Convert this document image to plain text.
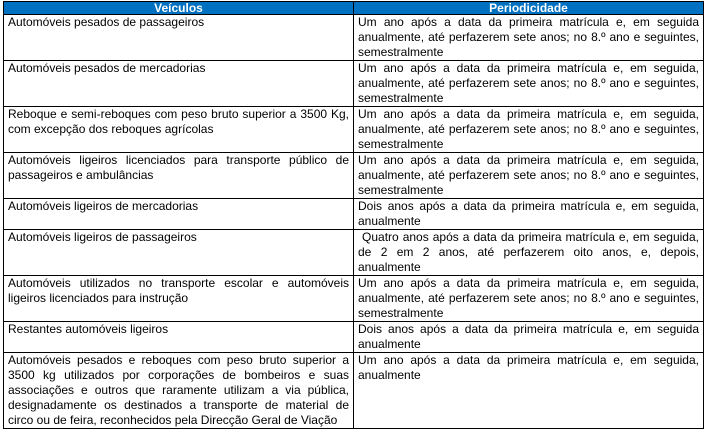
Veículos	Periodicidade
Automóveis pesados de passageiros	Um ano após a data da primeira matrícula e, em seguida anualmente, até perfazerem sete anos; no 8.º ano e seguintes, semestralmente
Automóveis pesados de mercadorias	Um ano após a data da primeira matrícula e, em seguida, anualmente, até perfazerem sete anos; no 8.º ano e seguintes, semestralmente
Reboque e semi-reboques com peso bruto superior a 3500 Kg, com excepção dos reboques agrícolas	Um ano após a data da primeira matrícula e, em seguida, anualmente, até perfazerem sete anos; no 8.º ano e seguintes, semestralmente
Automóveis ligeiros licenciados para transporte público de passageiros e ambulâncias	Um ano após a data da primeira matrícula e, em seguida, anualmente, até perfazerem sete anos; no 8.º ano e seguintes, semestralmente
Automóveis ligeiros de mercadorias	Dois anos após a data da primeira matrícula e, em seguida, anualmente
Automóveis ligeiros de passageiros	Quatro anos após a data da primeira matrícula e, em seguida, de 2 em 2 anos, até perfazerem oito anos, e, depois, anualmente
Automóveis utilizados no transporte escolar e automóveis ligeiros licenciados para instrução	Um ano após a data da primeira matrícula e, em seguida, anualmente, até perfazerem sete anos; no 8.º ano e seguintes, semestralmente
Restantes automóveis ligeiros	Dois anos após a data da primeira matrícula e, em seguida anualmente
Automóveis pesados e reboques com peso bruto superior a 3500 kg utilizados por corporações de bombeiros e suas associações e outros que raramente utilizam a via pública, designadamente os destinados a transporte de material de circo ou de feira, reconhecidos pela Direcção Geral de Viação	Um ano após a data da primeira matrícula e, em seguida, anualmente
